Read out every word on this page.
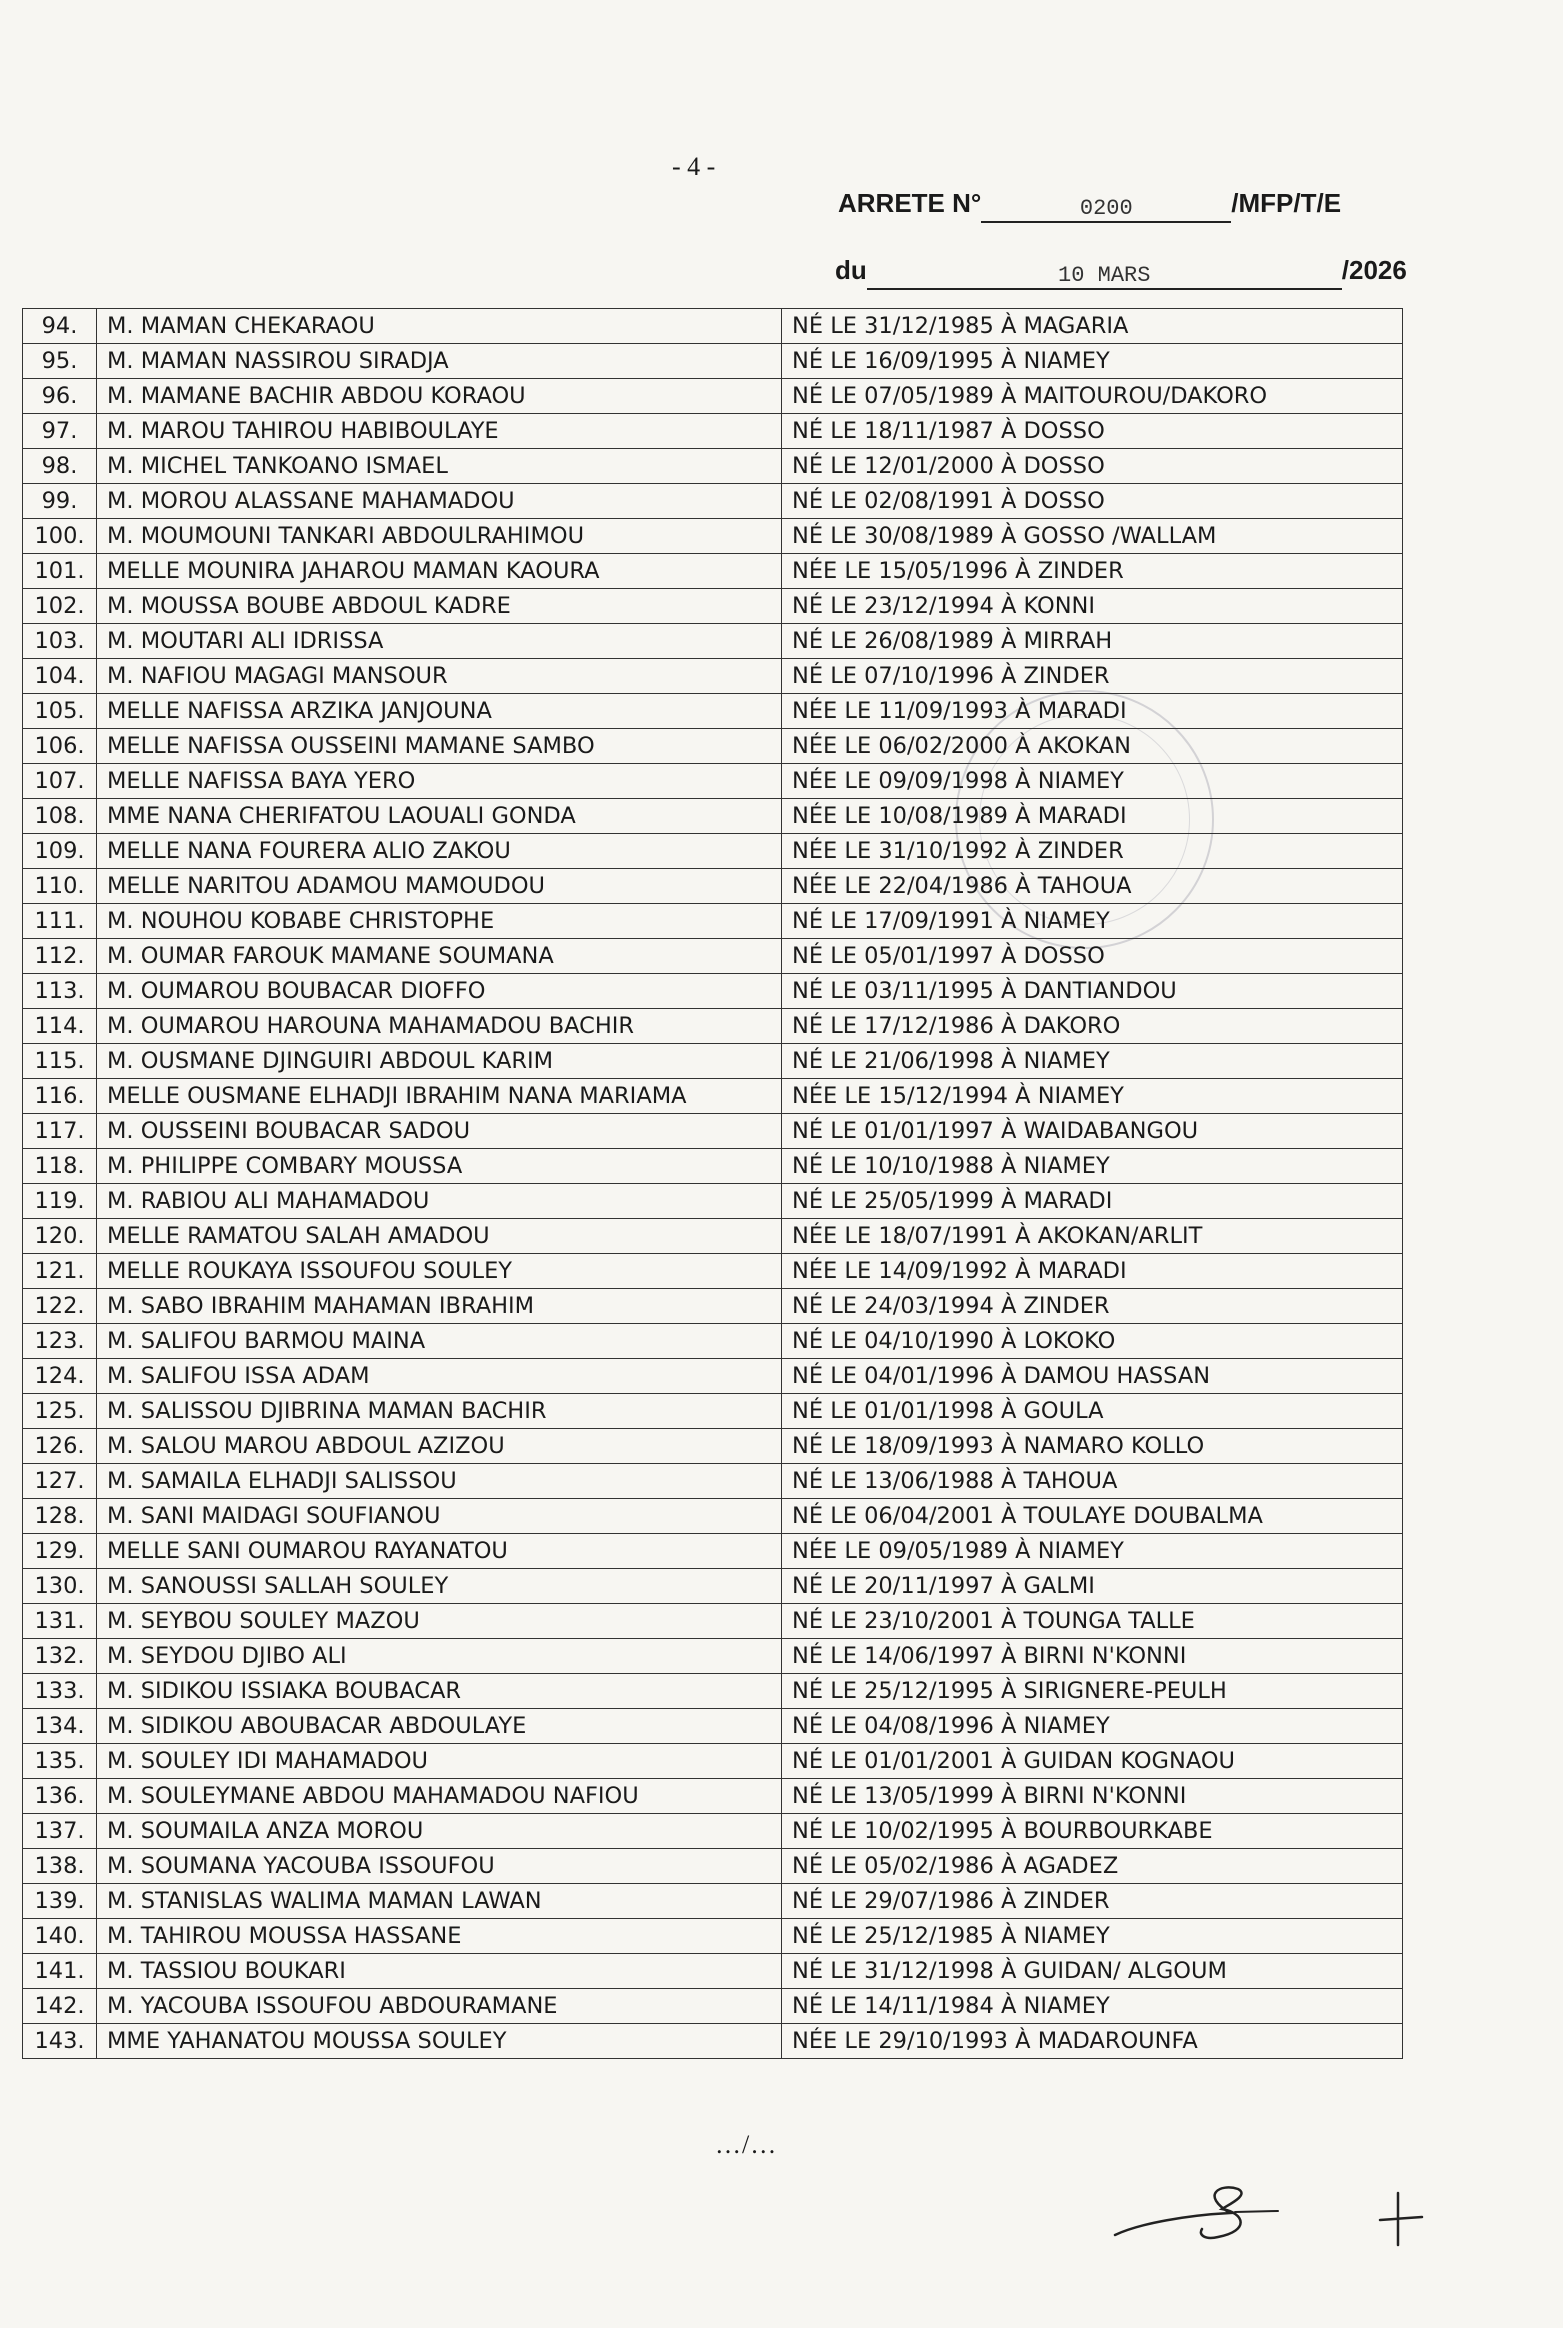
- 4 -
ARRETE N°	0200	/MFP/T/E
du	10 MARS	/2026
94.	M. MAMAN CHEKARAOU	NÉ LE 31/12/1985 À MAGARIA
95.	M. MAMAN NASSIROU SIRADJA	NÉ LE 16/09/1995 À NIAMEY
96.	M. MAMANE BACHIR ABDOU KORAOU	NÉ LE 07/05/1989 À MAITOUROU/DAKORO
97.	M. MAROU TAHIROU HABIBOULAYE	NÉ LE 18/11/1987 À DOSSO
98.	M. MICHEL TANKOANO ISMAEL	NÉ LE 12/01/2000 À DOSSO
99.	M. MOROU ALASSANE MAHAMADOU	NÉ LE 02/08/1991 À DOSSO
100.	M. MOUMOUNI TANKARI ABDOULRAHIMOU	NÉ LE 30/08/1989 À GOSSO /WALLAM
101.	MELLE MOUNIRA JAHAROU MAMAN KAOURA	NÉE LE 15/05/1996 À ZINDER
102.	M. MOUSSA BOUBE ABDOUL KADRE	NÉ LE 23/12/1994 À KONNI
103.	M. MOUTARI ALI IDRISSA	NÉ LE 26/08/1989 À MIRRAH
104.	M. NAFIOU MAGAGI MANSOUR	NÉ LE 07/10/1996 À ZINDER
105.	MELLE NAFISSA ARZIKA JANJOUNA	NÉE LE 11/09/1993 À MARADI
106.	MELLE NAFISSA OUSSEINI MAMANE SAMBO	NÉE LE 06/02/2000 À AKOKAN
107.	MELLE NAFISSA BAYA YERO	NÉE LE 09/09/1998 À NIAMEY
108.	MME NANA CHERIFATOU LAOUALI GONDA	NÉE LE 10/08/1989 À MARADI
109.	MELLE NANA FOURERA ALIO ZAKOU	NÉE LE 31/10/1992 À ZINDER
110.	MELLE NARITOU ADAMOU MAMOUDOU	NÉE LE 22/04/1986 À TAHOUA
111.	M. NOUHOU KOBABE CHRISTOPHE	NÉ LE 17/09/1991 À NIAMEY
112.	M. OUMAR FAROUK MAMANE SOUMANA	NÉ LE 05/01/1997 À DOSSO
113.	M. OUMAROU BOUBACAR DIOFFO	NÉ LE 03/11/1995 À DANTIANDOU
114.	M. OUMAROU HAROUNA MAHAMADOU BACHIR	NÉ LE 17/12/1986 À DAKORO
115.	M. OUSMANE DJINGUIRI ABDOUL KARIM	NÉ LE 21/06/1998 À NIAMEY
116.	MELLE OUSMANE ELHADJI IBRAHIM NANA MARIAMA	NÉE LE 15/12/1994 À NIAMEY
117.	M. OUSSEINI BOUBACAR SADOU	NÉ LE 01/01/1997 À WAIDABANGOU
118.	M. PHILIPPE COMBARY MOUSSA	NÉ LE 10/10/1988 À NIAMEY
119.	M. RABIOU ALI MAHAMADOU	NÉ LE 25/05/1999 À MARADI
120.	MELLE RAMATOU SALAH AMADOU	NÉE LE 18/07/1991 À AKOKAN/ARLIT
121.	MELLE ROUKAYA ISSOUFOU SOULEY	NÉE LE 14/09/1992 À MARADI
122.	M. SABO IBRAHIM MAHAMAN IBRAHIM	NÉ LE 24/03/1994 À ZINDER
123.	M. SALIFOU BARMOU MAINA	NÉ LE 04/10/1990 À LOKOKO
124.	M. SALIFOU ISSA ADAM	NÉ LE 04/01/1996 À DAMOU HASSAN
125.	M. SALISSOU DJIBRINA MAMAN BACHIR	NÉ LE 01/01/1998 À GOULA
126.	M. SALOU MAROU ABDOUL AZIZOU	NÉ LE 18/09/1993 À NAMARO KOLLO
127.	M. SAMAILA ELHADJI SALISSOU	NÉ LE 13/06/1988 À TAHOUA
128.	M. SANI MAIDAGI SOUFIANOU	NÉ LE 06/04/2001 À TOULAYE DOUBALMA
129.	MELLE SANI OUMAROU RAYANATOU	NÉE LE 09/05/1989 À NIAMEY
130.	M. SANOUSSI SALLAH SOULEY	NÉ LE 20/11/1997 À GALMI
131.	M. SEYBOU SOULEY MAZOU	NÉ LE 23/10/2001 À TOUNGA TALLE
132.	M. SEYDOU DJIBO ALI	NÉ LE 14/06/1997 À BIRNI N'KONNI
133.	M. SIDIKOU ISSIAKA BOUBACAR	NÉ LE 25/12/1995 À SIRIGNERE-PEULH
134.	M. SIDIKOU ABOUBACAR ABDOULAYE	NÉ LE 04/08/1996 À NIAMEY
135.	M. SOULEY IDI MAHAMADOU	NÉ LE 01/01/2001 À GUIDAN KOGNAOU
136.	M. SOULEYMANE ABDOU MAHAMADOU NAFIOU	NÉ LE 13/05/1999 À BIRNI N'KONNI
137.	M. SOUMAILA ANZA MOROU	NÉ LE 10/02/1995 À BOURBOURKABE
138.	M. SOUMANA YACOUBA ISSOUFOU	NÉ LE 05/02/1986 À AGADEZ
139.	M. STANISLAS WALIMA MAMAN LAWAN	NÉ LE 29/07/1986 À ZINDER
140.	M. TAHIROU MOUSSA HASSANE	NÉ LE 25/12/1985 À NIAMEY
141.	M. TASSIOU BOUKARI	NÉ LE 31/12/1998 À GUIDAN/ ALGOUM
142.	M. YACOUBA ISSOUFOU ABDOURAMANE	NÉ LE 14/11/1984 À NIAMEY
143.	MME YAHANATOU MOUSSA SOULEY	NÉE LE 29/10/1993 À MADAROUNFA
…/…
